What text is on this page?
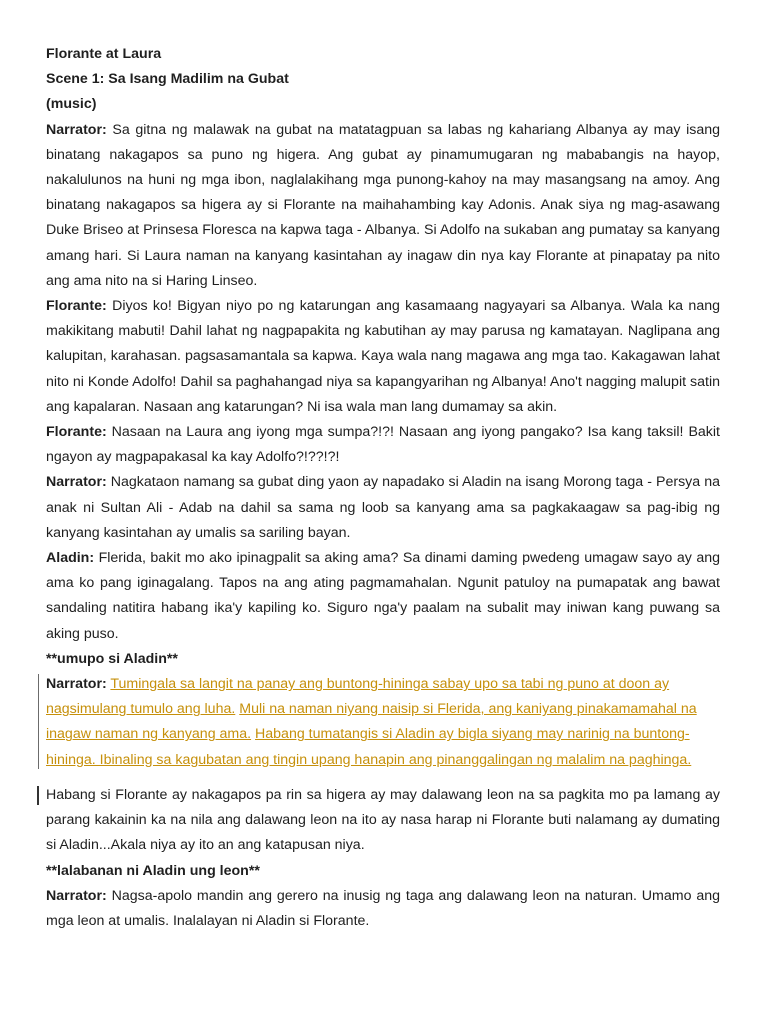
Florante at Laura

Scene 1: Sa Isang Madilim na Gubat

(music)

Narrator: Sa gitna ng malawak na gubat na matatagpuan sa labas ng kahariang Albanya ay may isang binatang nakagapos sa puno ng higera. Ang gubat ay pinamumugaran ng mababangis na hayop, nakalulunos na huni ng mga ibon, naglalakihang mga punong-kahoy na may masangsang na amoy. Ang binatang nakagapos sa higera ay si Florante na maihahambing kay Adonis. Anak siya ng mag-asawang Duke Briseo at Prinsesa Floresca na kapwa taga - Albanya. Si Adolfo na sukaban ang pumatay sa kanyang amang hari. Si Laura naman na kanyang kasintahan ay inagaw din nya kay Florante at pinapatay pa nito ang ama nito na si Haring Linseo.

Florante: Diyos ko! Bigyan niyo po ng katarungan ang kasamaang nagyayari sa Albanya. Wala ka nang makikitang mabuti! Dahil lahat ng nagpapakita ng kabutihan ay may parusa ng kamatayan. Naglipana ang kalupitan, karahasan. pagsasamantala sa kapwa. Kaya wala nang magawa ang mga tao. Kakagawan lahat nito ni Konde Adolfo! Dahil sa paghahangad niya sa kapangyarihan ng Albanya! Ano't nagging malupit satin ang kapalaran. Nasaan ang katarungan? Ni isa wala man lang dumamay sa akin.

Florante: Nasaan na Laura ang iyong mga sumpa?!?! Nasaan ang iyong pangako? Isa kang taksil! Bakit ngayon ay magpapakasal ka kay Adolfo?!??!?!

Narrator: Nagkataon namang sa gubat ding yaon ay napadako si Aladin na isang Morong taga - Persya na anak ni Sultan Ali - Adab na dahil sa sama ng loob sa kanyang ama sa pagkakaagaw sa pag-ibig ng kanyang kasintahan ay umalis sa sariling bayan.

Aladin: Flerida, bakit mo ako ipinagpalit sa aking ama? Sa dinami daming pwedeng umagaw sayo ay ang ama ko pang iginagalang. Tapos na ang ating pagmamahalan. Ngunit patuloy na pumapatak ang bawat sandaling natitira habang ika'y kapiling ko. Siguro nga'y paalam na subalit may iniwan kang puwang sa aking puso.

**umupo si Aladin**

Narrator: Tumingala sa langit na panay ang buntong-hininga sabay upo sa tabi ng puno at doon ay nagsimulang tumulo ang luha. Muli na naman niyang naisip si Flerida, ang kaniyang pinakamamahal na inagaw naman ng kanyang ama. Habang tumatangis si Aladin ay bigla siyang may narinig na buntong-hininga. Ibinaling sa kagubatan ang tingin upang hanapin ang pinanggalingan ng malalim na paghinga.

Habang si Florante ay nakagapos pa rin sa higera ay may dalawang leon na sa pagkita mo pa lamang ay parang kakainin ka na nila ang dalawang leon na ito ay nasa harap ni Florante buti nalamang ay dumating si Aladin...Akala niya ay ito an ang katapusan niya.

**lalabanan ni Aladin ung leon**

Narrator: Nagsa-apolo mandin ang gerero na inusig ng taga ang dalawang leon na naturan. Umamo ang mga leon at umalis. Inalalayan ni Aladin si Florante.
